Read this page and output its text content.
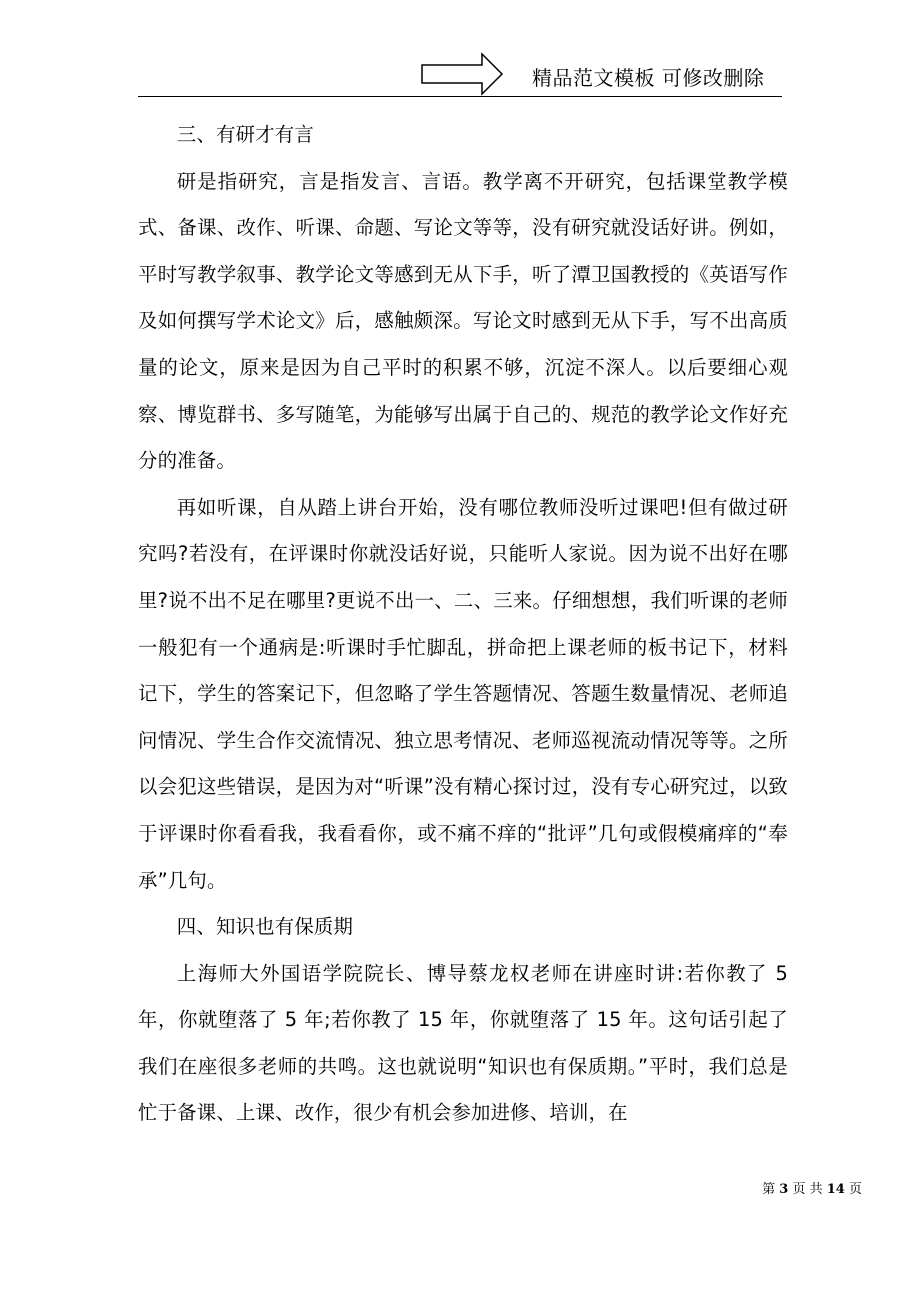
精品范文模板 可修改删除

三、有研才有言

研是指研究，言是指发言、言语。教学离不开研究，包括课堂教学模式、备课、改作、听课、命题、写论文等等，没有研究就没话好讲。例如，平时写教学叙事、教学论文等感到无从下手，听了潭卫国教授的《英语写作及如何撰写学术论文》后，感触颇深。写论文时感到无从下手，写不出高质量的论文，原来是因为自己平时的积累不够，沉淀不深人。以后要细心观察、博览群书、多写随笔，为能够写出属于自己的、规范的教学论文作好充分的准备。

再如听课，自从踏上讲台开始，没有哪位教师没听过课吧!但有做过研究吗?若没有，在评课时你就没话好说，只能听人家说。因为说不出好在哪里?说不出不足在哪里?更说不出一、二、三来。仔细想想，我们听课的老师一般犯有一个通病是:听课时手忙脚乱，拼命把上课老师的板书记下，材料记下，学生的答案记下，但忽略了学生答题情况、答题生数量情况、老师追问情况、学生合作交流情况、独立思考情况、老师巡视流动情况等等。之所以会犯这些错误，是因为对“听课”没有精心探讨过，没有专心研究过，以致于评课时你看看我，我看看你，或不痛不痒的“批评”几句或假模痛痒的“奉承”几句。

四、知识也有保质期

上海师大外国语学院院长、博导蔡龙权老师在讲座时讲:若你教了 5 年，你就堕落了 5 年;若你教了 15 年，你就堕落了 15 年。这句话引起了我们在座很多老师的共鸣。这也就说明“知识也有保质期。”平时，我们总是忙于备课、上课、改作，很少有机会参加进修、培训，在

第 3 页 共 14 页
